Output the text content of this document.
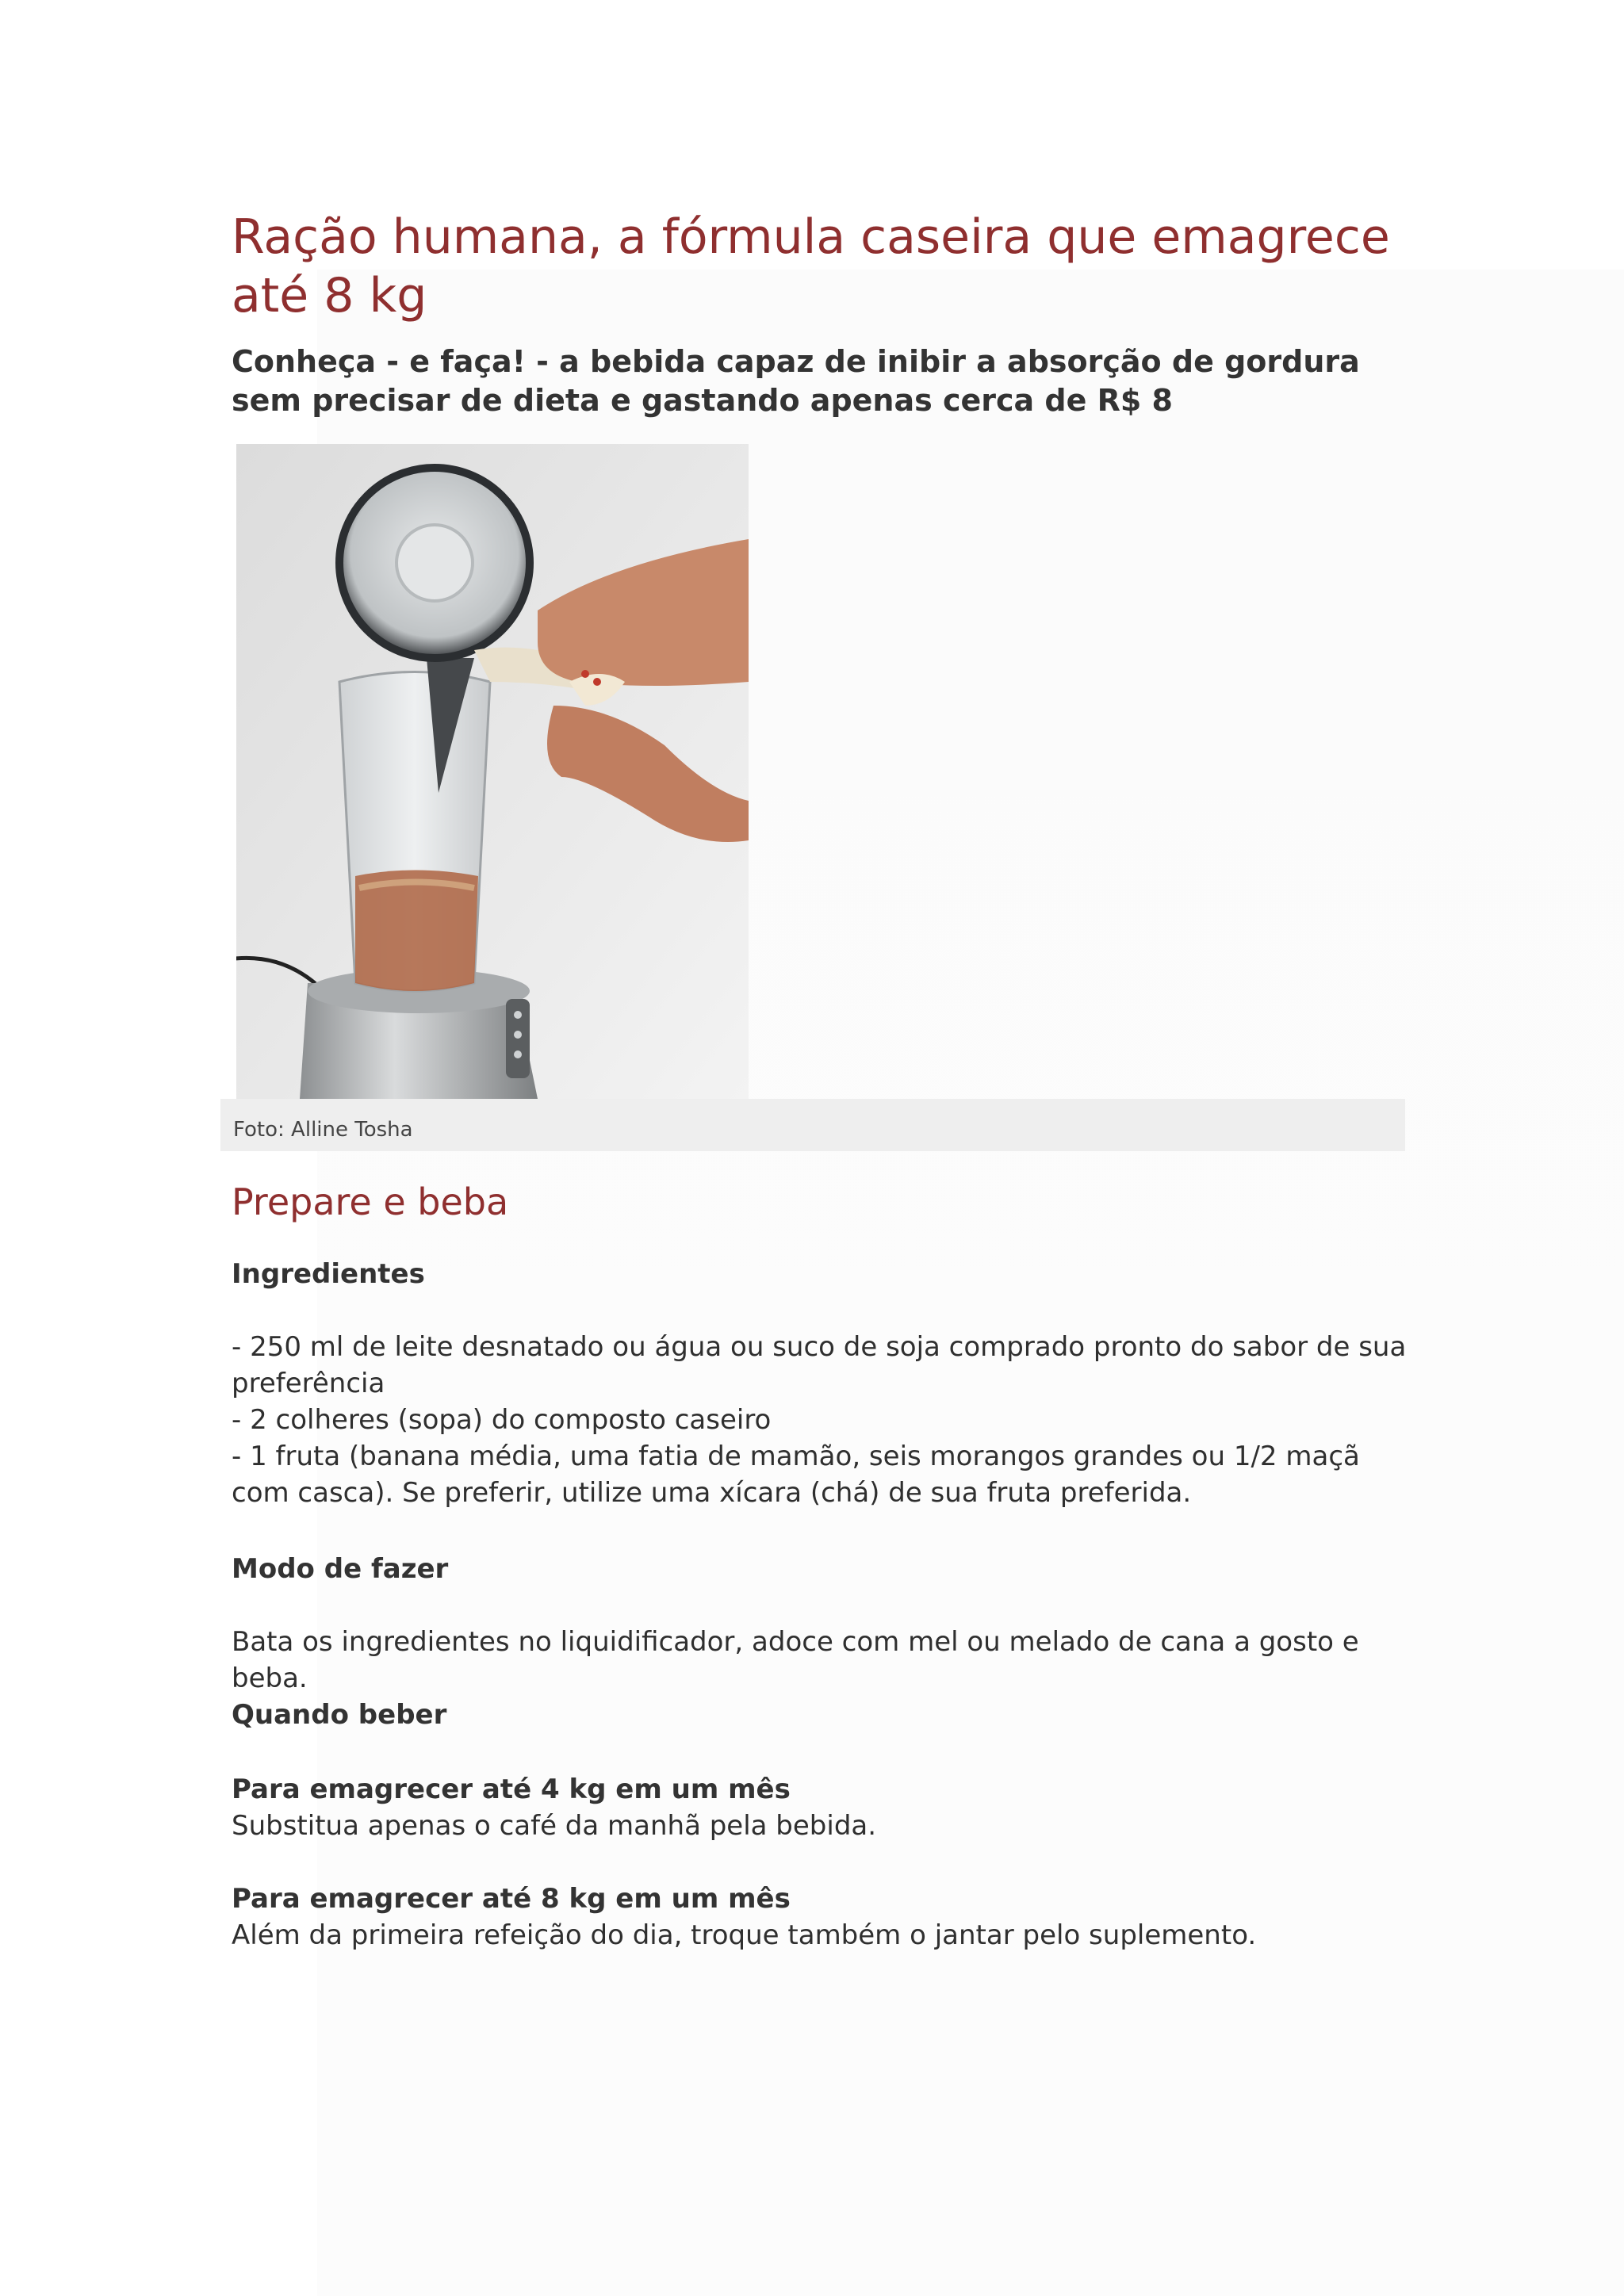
Ração humana, a fórmula caseira que emagrece até 8 kg
Conheça - e faça! - a bebida capaz de inibir a absorção de gordura sem precisar de dieta e gastando apenas cerca de R$ 8

Foto: Alline Tosha

Prepare e beba

Ingredientes

- 250 ml de leite desnatado ou água ou suco de soja comprado pronto do sabor de sua preferência

- 2 colheres (sopa) do composto caseiro

- 1 fruta (banana média, uma fatia de mamão, seis morangos grandes ou 1/2 maçã com casca). Se preferir, utilize uma xícara (chá) de sua fruta preferida.

Modo de fazer

Bata os ingredientes no liquidificador, adoce com mel ou melado de cana a gosto e beba.

Quando beber

Para emagrecer até 4 kg em um mês

Substitua apenas o café da manhã pela bebida.

Para emagrecer até 8 kg em um mês

Além da primeira refeição do dia, troque também o jantar pelo suplemento.
